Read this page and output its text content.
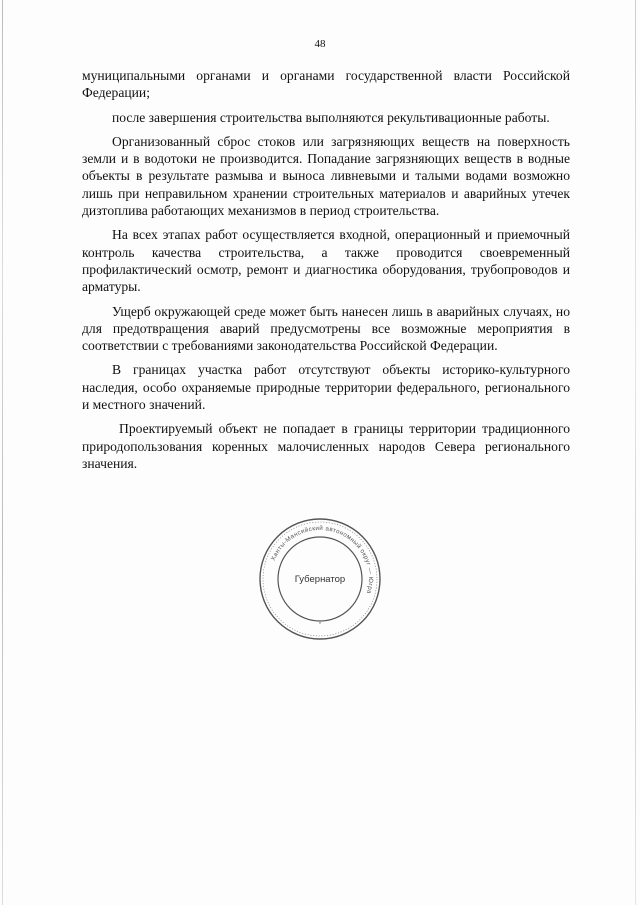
48

муниципальными органами и органами государственной власти Российской Федерации;

после завершения строительства выполняются рекультивационные работы.

Организованный сброс стоков или загрязняющих веществ на поверхность земли и в водотоки не производится. Попадание загрязняющих веществ в водные объекты в результате размыва и выноса ливневыми и талыми водами возможно лишь при неправильном хранении строительных материалов и аварийных утечек дизтоплива работающих механизмов в период строительства.

На всех этапах работ осуществляется входной, операционный и приемочный контроль качества строительства, а также проводится своевременный профилактический осмотр, ремонт и диагностика оборудования, трубопроводов и арматуры.

Ущерб окружающей среде может быть нанесен лишь в аварийных случаях, но для предотвращения аварий предусмотрены все возможные мероприятия в соответствии с требованиями законодательства Российской Федерации.

В границах участка работ отсутствуют объекты историко-культурного наследия, особо охраняемые природные территории федерального, регионального и местного значений.

Проектируемый объект не попадает в границы территории традиционного природопользования коренных малочисленных народов Севера регионального значения.

Ханты-Мансийский автономный округ — Югра
Губернатор
*
